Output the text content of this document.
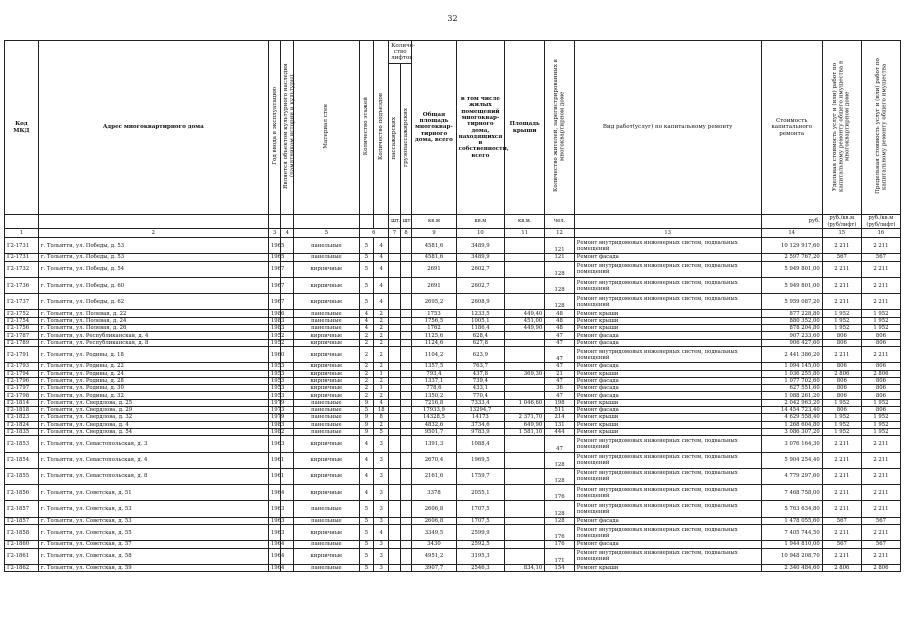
32
Код МКД	Адрес многоквартирного дома	Год ввода в эксплуатацию	Является объектом культурного наследия (памятником истории и культуры)	Материал стен	Количество этажей	Количество подъездов	Количе-ство лифтов		Общая площадь многоквар-тирного дома, всего	в том числе жилых помещений многоквар-тирного дома, находящихся в собственности, всего	Площадь крыши	Количество жителей, зарегистрированных в многоквартирном доме	Вид работ(услуг) по капитальному ремонту	Стоимость капитального ремонта	Удельная стоимость услуг и (или) работ по капитальному ремонту общего имущества в многоквартирном доме	Предельная стоимость услуг и (или) работ по капитальному ремонту общего имущества
							пассажирских	грузопассажирских								
							шт.	шт.	кв.м	кв.м	кв.м.	чел.		руб.	руб./кв.м (руб/лифт)	руб./кв.м (руб/лифт)
1	2	3	4	5	6		7	8	9	10	11	12	13	14	15	16
Г2-1731	г. Тольятти, ул. Победы, д. 53	1965		панельные	5	4			4581,6	3489,9		121	Ремонт внутридомовых инженерных систем, подвальных помещений	10 129 917,60	2 211	2 211
Г2-1731	г. Тольятти, ул. Победы, д. 53	1965		панельные	5	4			4581,6	3489,9		121	Ремонт фасада	2 597 767,20	567	567
Г2-1732	г. Тольятти, ул. Победы, д. 54	1967		кирпичные	5	4			2691	2602,7		128	Ремонт внутридомовых инженерных систем, подвальных помещений	5 949 801,00	2 211	2 211
Г2-1736	г. Тольятти, ул. Победы, д. 60	1967		кирпичные	5	4			2691	2602,7		128	Ремонт внутридомовых инженерных систем, подвальных помещений	5 949 801,00	2 211	2 211
Г2-1737	г. Тольятти, ул. Победы, д. 62	1967		кирпичные	5	4			2695,2	2608,9		128	Ремонт внутридомовых инженерных систем, подвальных помещений	5 959 087,20	2 211	2 211
Г2-1752	г. Тольятти, ул. Полевая, д. 22	1986		панельные	4	2			1753	1233,5	449,40	48	Ремонт крыши	877 228,80	1 952	1 952
Г2-1754	г. Тольятти, ул. Полевая, д. 24	1983		панельные	4	2			1756,5	1005,1	451,00	48	Ремонт крыши	880 352,00	1 952	1 952
Г2-1756	г. Тольятти, ул. Полевая, д. 26	1983		панельные	4	2			1762	1186,4	449,90	48	Ремонт крыши	878 204,80	1 952	1 952
Г2-1787	г. Тольятти, ул. Республиканская, д. 4	1952		кирпичные	2	2			1125,6	628,4		47	Ремонт фасада	907 233,60	806	806
Г2-1789	г. Тольятти, ул. Республиканская, д. 8	1952		кирпичные	2	2			1124,6	627,8		47	Ремонт фасада	906 427,60	806	806
Г2-1791	г. Тольятти, ул. Родины, д. 18	1960		кирпичные	2	2			1104,2	623,9		47	Ремонт внутридомовых инженерных систем, подвальных помещений	2 441 386,20	2 211	2 211
Г2-1793	г. Тольятти, ул. Родины, д. 22	1953		кирпичные	2	2			1357,5	763,7		47	Ремонт фасада	1 094 145,00	806	806
Г2-1794	г. Тольятти, ул. Родины, д. 24	1953		кирпичные	2	1			793,4	437,8	369,30	21	Ремонт крыши	1 036 255,80	2 806	2 806
Г2-1796	г. Тольятти, ул. Родины, д. 28	1953		кирпичные	2	2			1337,1	739,4		47	Ремонт фасада	1 077 702,60	806	806
Г2-1797	г. Тольятти, ул. Родины, д. 30	1953		кирпичные	2	1			778,6	433,1		36	Ремонт фасада	627 551,60	806	806
Г2-1798	г. Тольятти, ул. Родины, д. 32	1953		кирпичные	2	2			1350,2	770,4		47	Ремонт фасада	1 088 261,20	806	806
Г2-1814	г. Тольятти, ул. Свердлова, д. 25	1979		панельные	9	4			7216,8	7333,4	1 046,60	198	Ремонт крыши	2 042 963,20	1 952	1 952
Г2-1818	г. Тольятти, ул. Свердлова, д. 29	1973		панельные	5	18			17933,9	13294,7		511	Ремонт фасада	14 454 723,40	806	806
Г2-1823	г. Тольятти, ул. Свердлова, д. 32	1979		панельные	9	8			14328,5	14173	2 371,70	214	Ремонт крыши	4 629 558,40	1 952	1 952
Г2-1824	г. Тольятти, ул. Свердлова, д. 4	1983		панельные	9	2			4832,6	3734,6	649,90	131	Ремонт крыши	1 268 604,80	1 952	1 952
Г2-1835	г. Тольятти, ул. Свердлова, д. 54	1982		панельные	9	5			9501,7	9783,9	1 581,10	444	Ремонт крыши	3 086 307,20	1 952	1 952
Г2-1853	г. Тольятти, ул. Севастопольская, д. 3	1963		кирпичные	4	3			1391,3	1088,4		47	Ремонт внутридомовых инженерных систем, подвальных помещений	3 076 164,30	2 211	2 211
Г2-1854	г. Тольятти, ул. Севастопольская, д. 4	1961		кирпичные	4	3			2670,4	1969,5		128	Ремонт внутридомовых инженерных систем, подвальных помещений	5 904 254,40	2 211	2 211
Г2-1855	г. Тольятти, ул. Севастопольская, д. 8	1961		кирпичные	4	3			2161,6	1759,7		128	Ремонт внутридомовых инженерных систем, подвальных помещений	4 779 297,60	2 211	2 211
Г2-1856	г. Тольятти, ул. Советская, д. 51	1964		кирпичные	4	3			3378	2055,1		176	Ремонт внутридомовых инженерных систем, подвальных помещений	7 468 758,00	2 211	2 211
Г2-1857	г. Тольятти, ул. Советская, д. 53	1963		панельные	5	3			2606,8	1707,5		128	Ремонт внутридомовых инженерных систем, подвальных помещений	5 763 634,80	2 211	2 211
Г2-1857	г. Тольятти, ул. Советская, д. 53	1963		панельные	5	3			2606,8	1707,5		128	Ремонт фасада	1 478 055,60	567	567
Г2-1858	г. Тольятти, ул. Советская, д. 55	1963		кирпичные	5	4			3349,5	2599,9		176	Ремонт внутридомовых инженерных систем, подвальных помещений	7 405 744,50	2 211	2 211
Г2-1860	г. Тольятти, ул. Советская, д. 57	1964		панельные	5	3			3430	2592,5		176	Ремонт фасада	1 944 810,00	567	567
Г2-1861	г. Тольятти, ул. Советская, д. 58	1964		кирпичные	5	3			4951,2	3195,3		171	Ремонт внутридомовых инженерных систем, подвальных помещений	10 948 208,70	2 211	2 211
Г2-1862	г. Тольятти, ул. Советская, д. 59	1964		панельные	5	3			3907,7	2546,3	834,10	154	Ремонт крыши	2 340 484,60	2 806	2 806
